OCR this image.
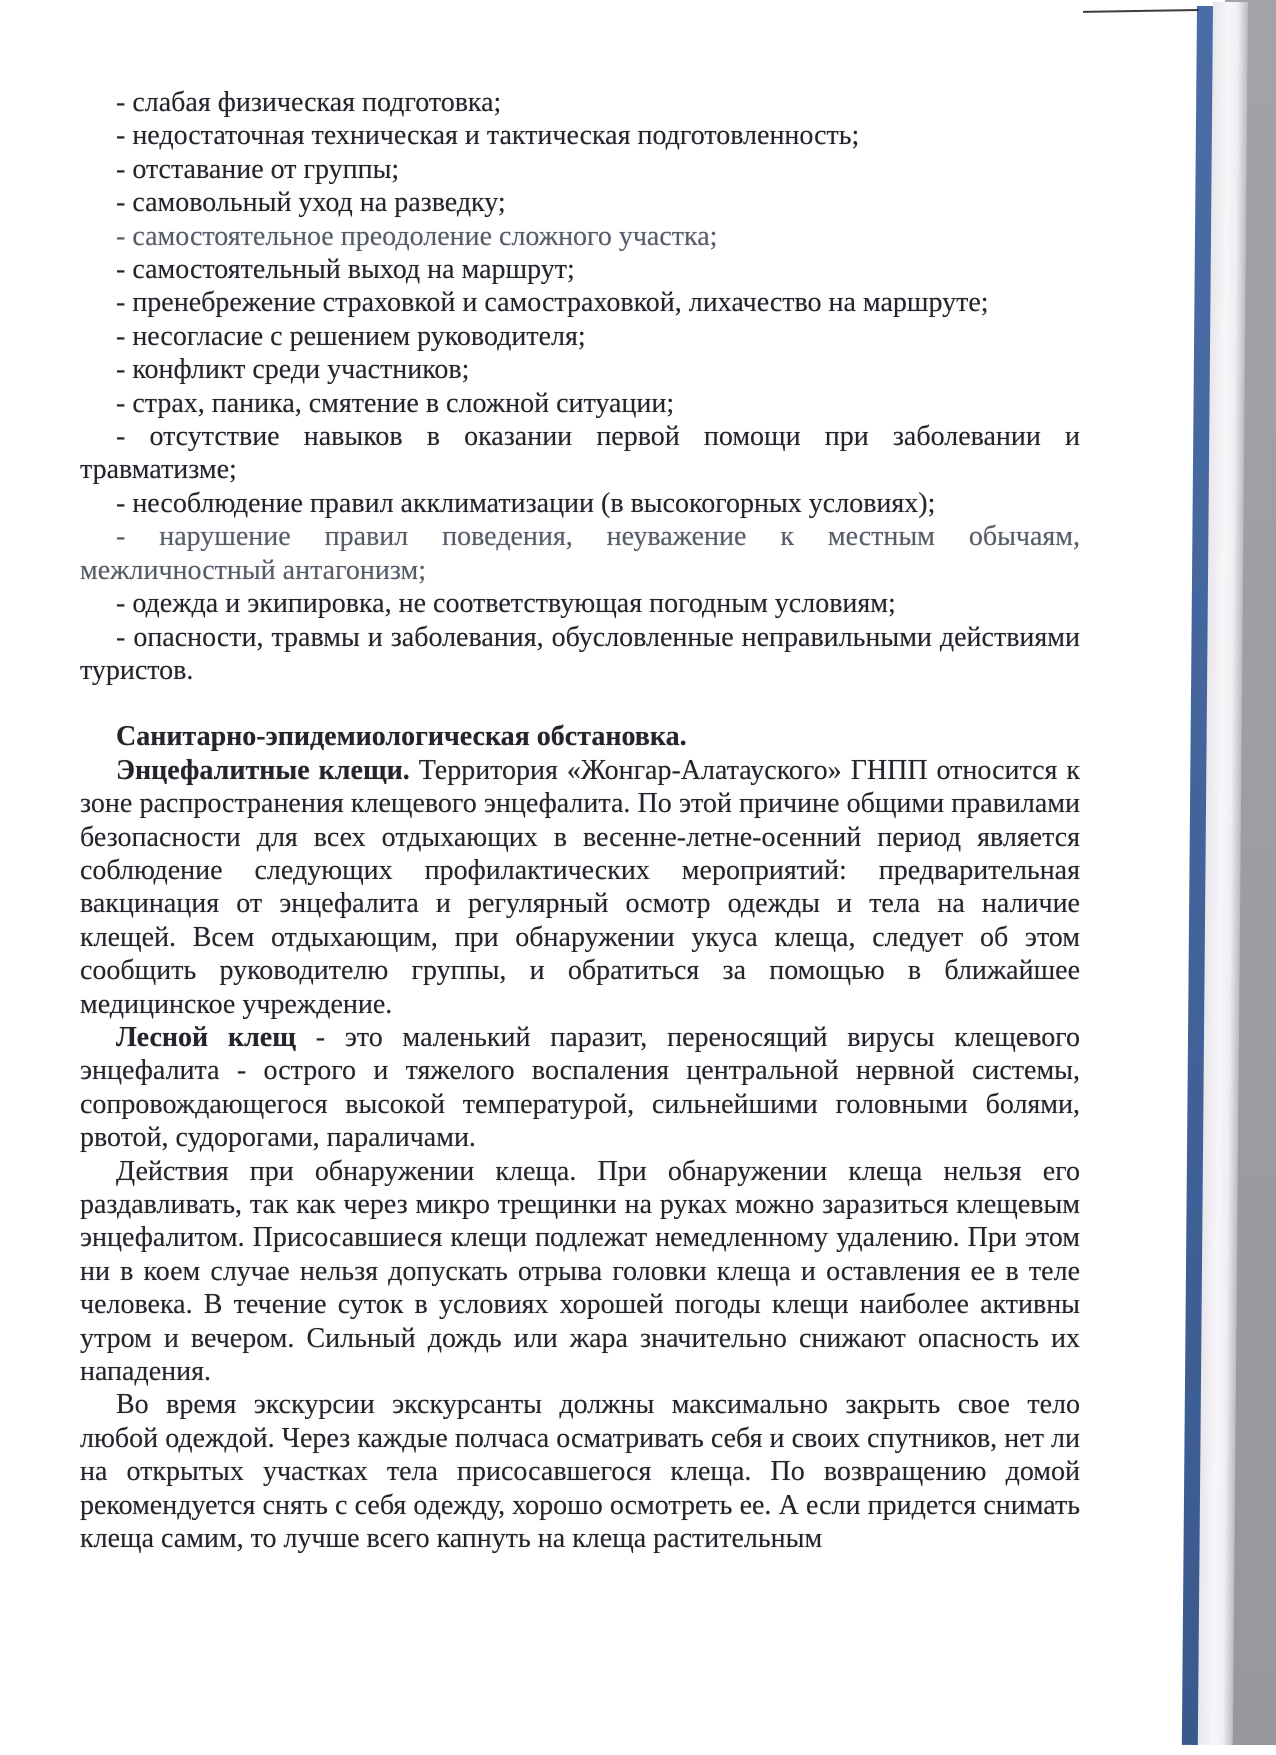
- слабая физическая подготовка;

- недостаточная техническая и тактическая подготовленность;

- отставание от группы;

- самовольный уход на разведку;

- самостоятельное преодоление сложного участка;

- самостоятельный выход на маршрут;

- пренебрежение страховкой и самостраховкой, лихачество на маршруте;

- несогласие с решением руководителя;

- конфликт среди участников;

- страх, паника, смятение в сложной ситуации;

- отсутствие навыков в оказании первой помощи при заболевании и травматизме;

- несоблюдение правил акклиматизации (в высокогорных условиях);

- нарушение правил поведения, неуважение к местным обычаям, межличностный антагонизм;

- одежда и экипировка, не соответствующая погодным условиям;

- опасности, травмы и заболевания, обусловленные неправильными действиями туристов.

Санитарно-эпидемиологическая обстановка.

Энцефалитные клещи. Территория «Жонгар-Алатауского» ГНПП относится к зоне распространения клещевого энцефалита. По этой причине общими правилами безопасности для всех отдыхающих в весенне-летне-осенний период является соблюдение следующих профилактических мероприятий: предварительная вакцинация от энцефалита и регулярный осмотр одежды и тела на наличие клещей. Всем отдыхающим, при обнаружении укуса клеща, следует об этом сообщить руководителю группы, и обратиться за помощью в ближайшее медицинское учреждение.

Лесной клещ - это маленький паразит, переносящий вирусы клещевого энцефалита - острого и тяжелого воспаления центральной нервной системы, сопровождающегося высокой температурой, сильнейшими головными болями, рвотой, судорогами, параличами.

Действия при обнаружении клеща. При обнаружении клеща нельзя его раздавливать, так как через микро трещинки на руках можно заразиться клещевым энцефалитом. Присосавшиеся клещи подлежат немедленному удалению. При этом ни в коем случае нельзя допускать отрыва головки клеща и оставления ее в теле человека. В течение суток в условиях хорошей погоды клещи наиболее активны утром и вечером. Сильный дождь или жара значительно снижают опасность их нападения.

Во время экскурсии экскурсанты должны максимально закрыть свое тело любой одеждой. Через каждые полчаса осматривать себя и своих спутников, нет ли на открытых участках тела присосавшегося клеща. По возвращению домой рекомендуется снять с себя одежду, хорошо осмотреть ее. А если придется снимать клеща самим, то лучше всего капнуть на клеща растительным
